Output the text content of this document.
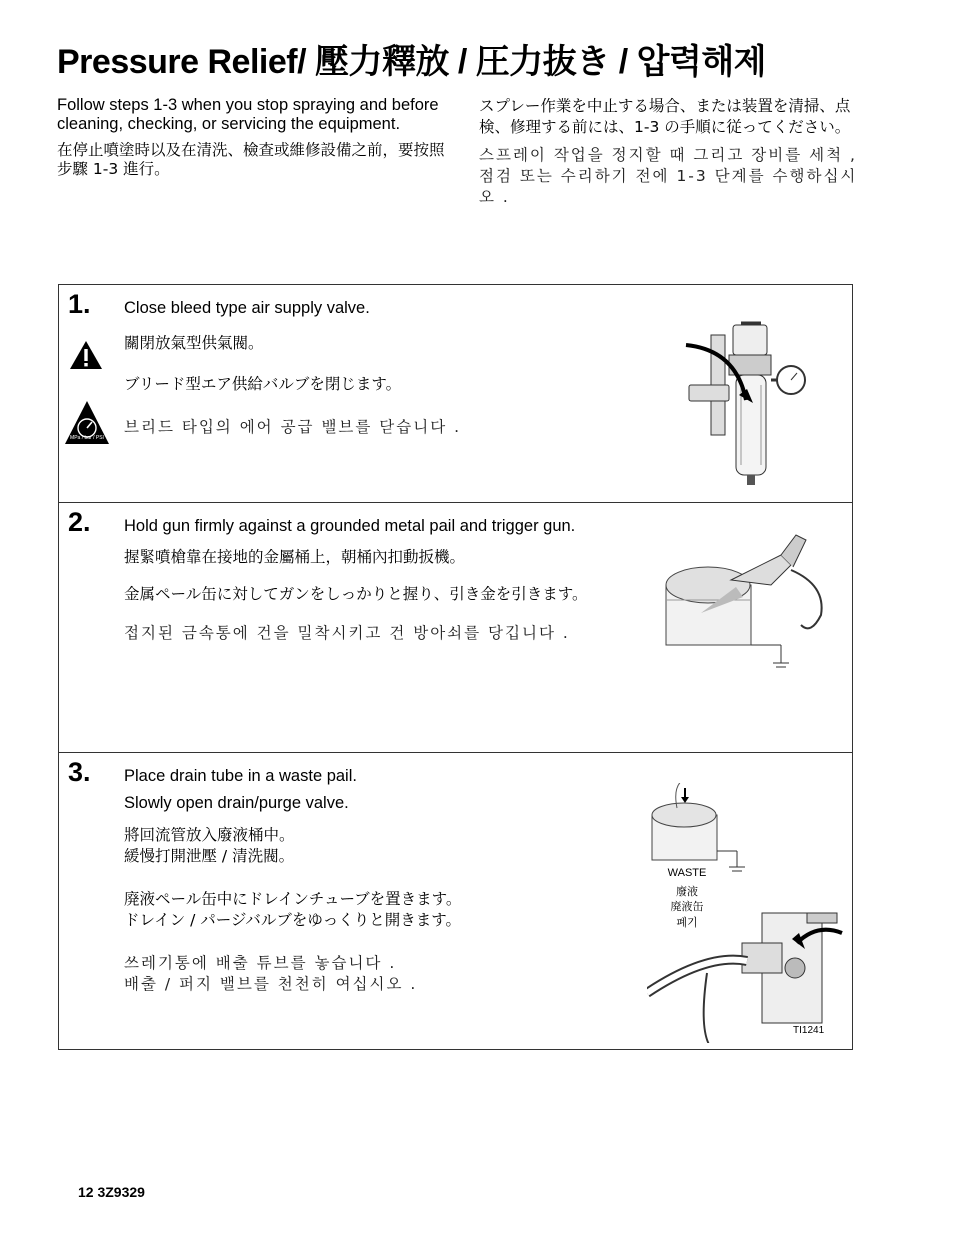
Pressure Relief/ 壓力釋放 / 圧力抜き / 압력해제

Follow steps 1-3 when you stop spraying and before cleaning, checking, or servicing the equipment.

在停止噴塗時以及在清洗、檢查或維修設備之前，要按照步驟 1-3 進行。

スプレー作業を中止する場合、または装置を清掃、点検、修理する前には、1-3 の手順に従ってください。

스프레이 작업을 정지할 때 그리고 장비를 세척 , 점검 또는 수리하기 전에 1-3 단계를 수행하십시오 .

1.
MPa / bar / PSI

Close bleed type air supply valve.

關閉放氣型供氣閥。

ブリード型エア供給バルブを閉じます。

브리드 타입의 에어 공급 밸브를 닫습니다 .

2. Hold gun firmly against a grounded metal pail and trigger gun.

握緊噴槍靠在接地的金屬桶上，朝桶內扣動扳機。

金属ペール缶に対してガンをしっかりと握り、引き金を引きます。

접지된 금속통에 건을 밀착시키고 건 방아쇠를 당깁니다 .

3. Place drain tube in a waste pail.

Slowly open drain/purge valve.

將回流管放入廢液桶中。

緩慢打開泄壓 / 清洗閥。

廃液ペール缶中にドレインチューブを置きます。

ドレイン / パージバルブをゆっくりと開きます。

쓰레기통에 배출 튜브를 놓습니다 .

배출 / 퍼지 밸브를 천천히 여십시오 .

WASTE
廢液
廃液缶
폐기
TI1241
12 3Z9329
